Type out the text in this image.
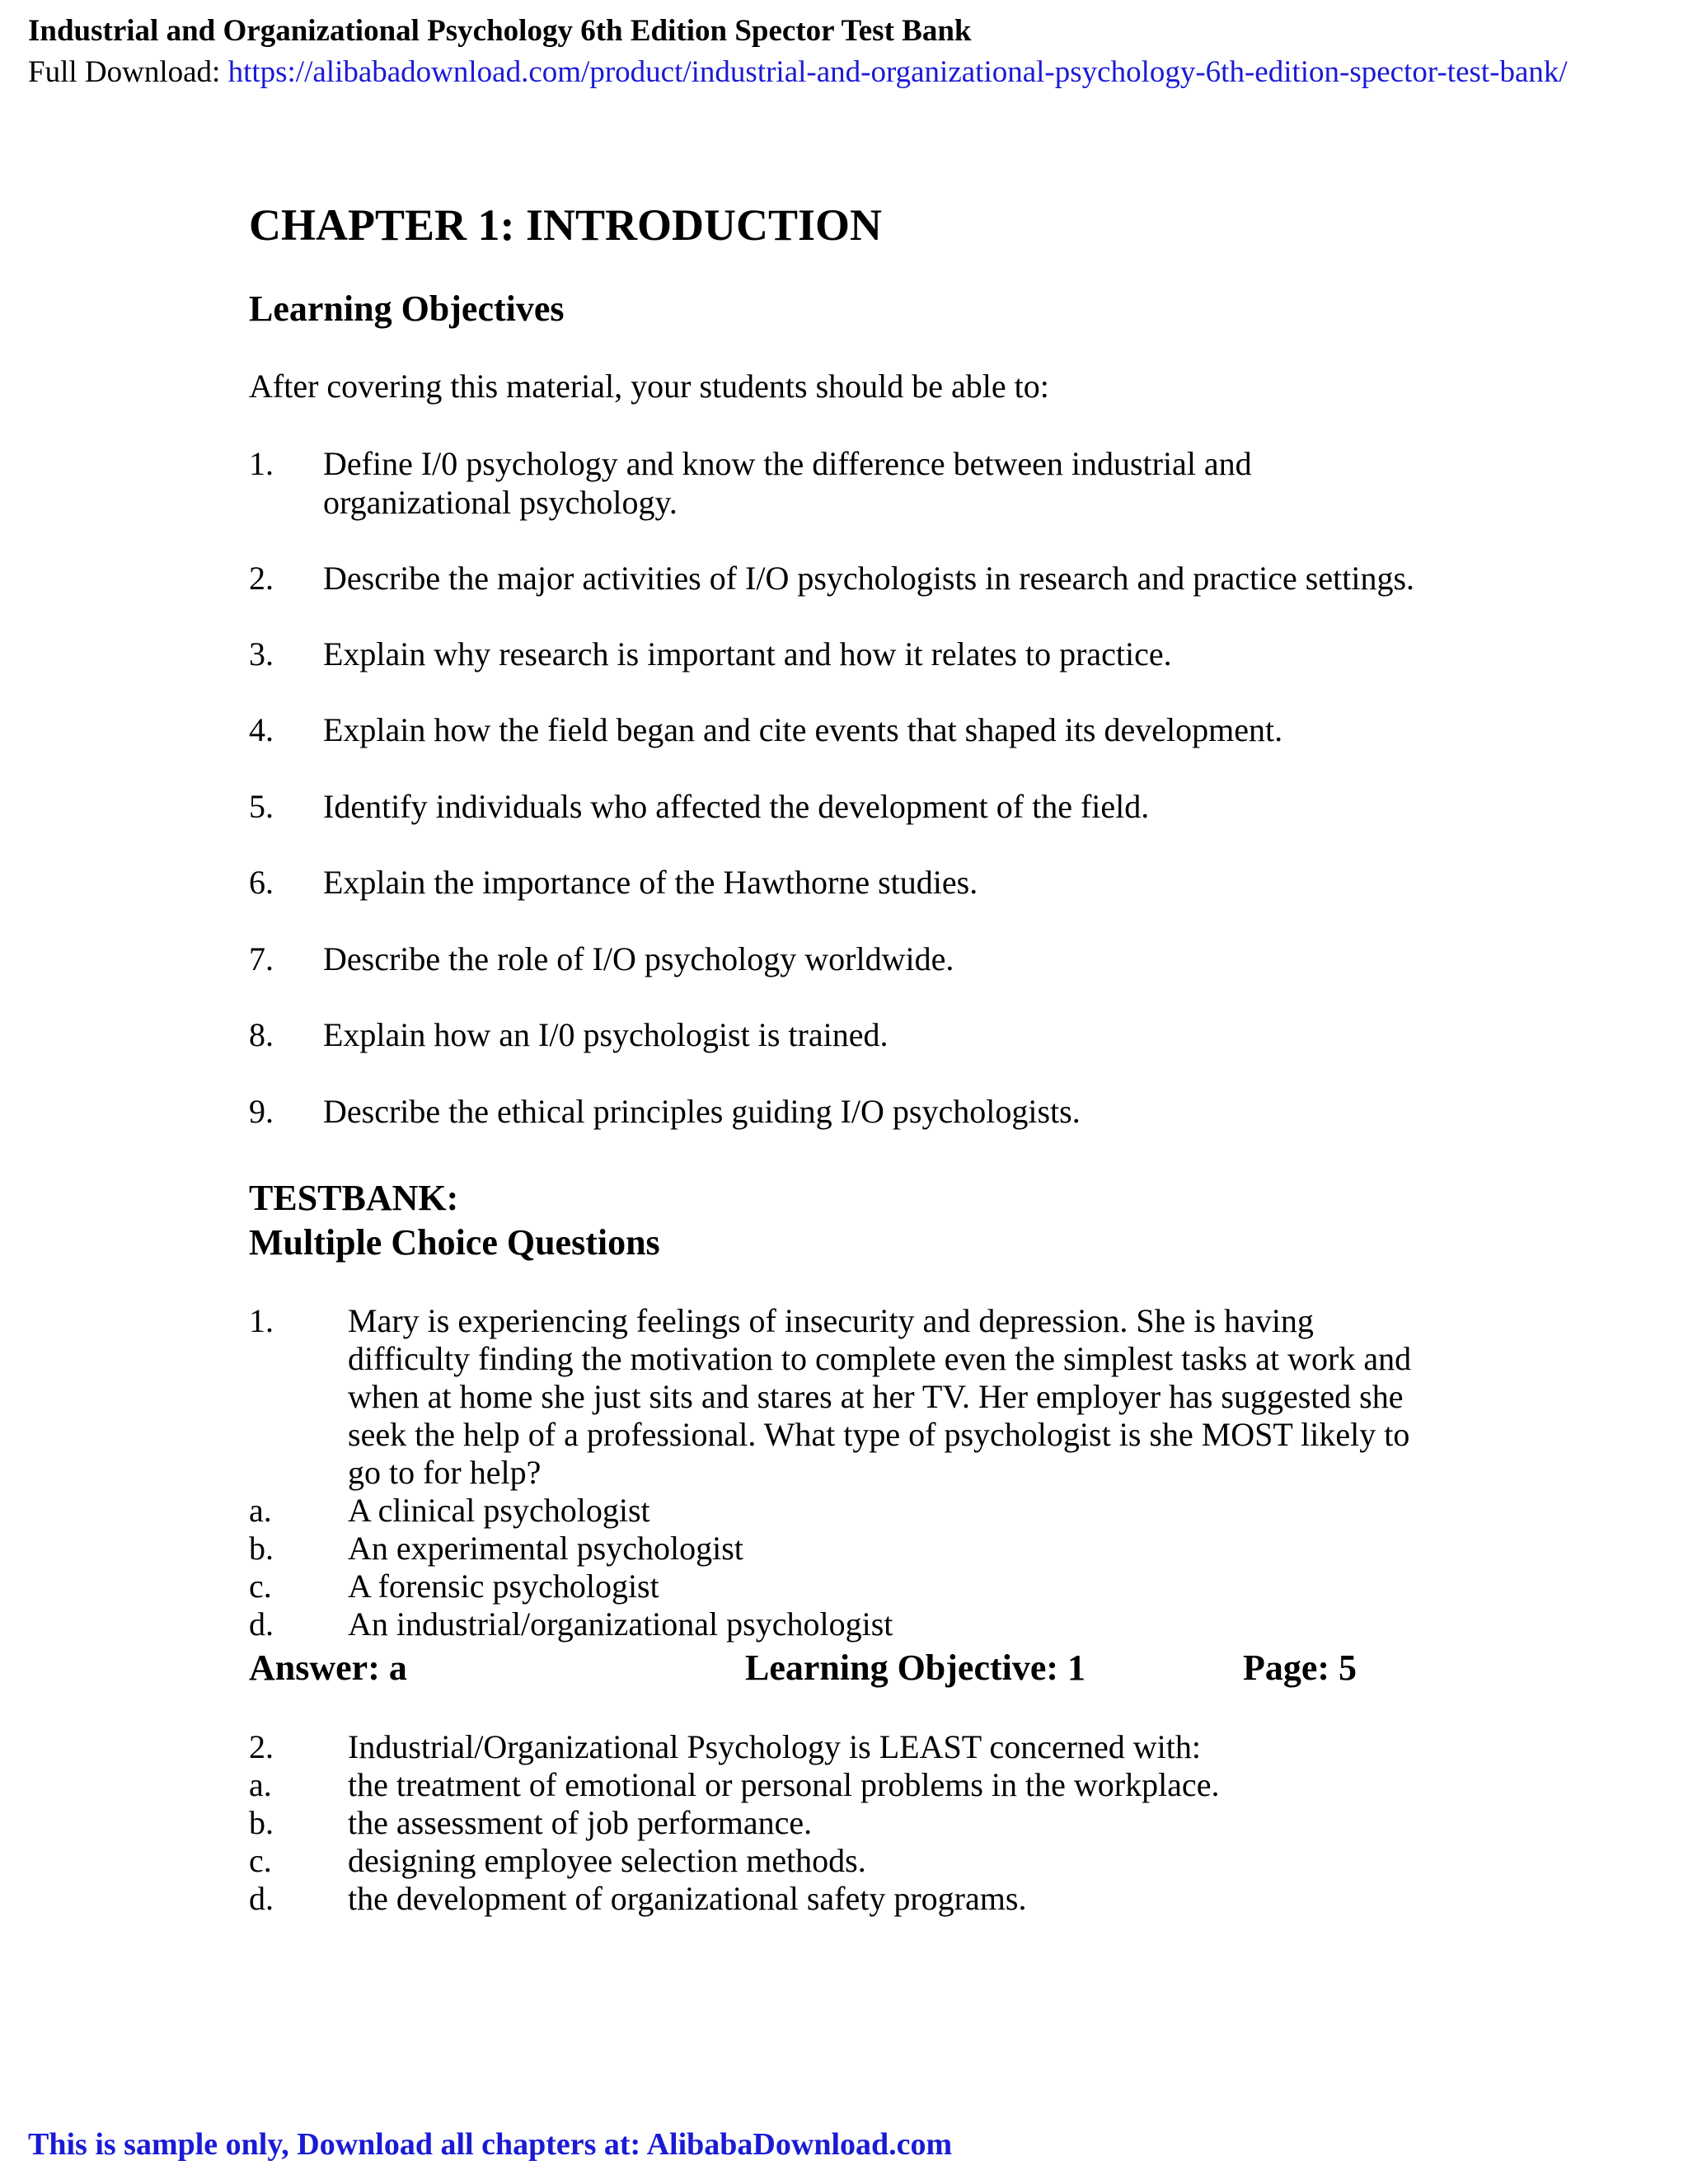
Industrial and Organizational Psychology 6th Edition Spector Test Bank
Full Download: https://alibabadownload.com/product/industrial-and-organizational-psychology-6th-edition-spector-test-bank/
CHAPTER 1: INTRODUCTION
Learning Objectives
After covering this material, your students should be able to:
1. Define I/0 psychology and know the difference between industrial and
organizational psychology.
2. Describe the major activities of I/O psychologists in research and practice settings.
3. Explain why research is important and how it relates to practice.
4. Explain how the field began and cite events that shaped its development.
5. Identify individuals who affected the development of the field.
6. Explain the importance of the Hawthorne studies.
7. Describe the role of I/O psychology worldwide.
8. Explain how an I/0 psychologist is trained.
9. Describe the ethical principles guiding I/O psychologists.
TESTBANK:
Multiple Choice Questions
1. Mary is experiencing feelings of insecurity and depression. She is having
difficulty finding the motivation to complete even the simplest tasks at work and
when at home she just sits and stares at her TV. Her employer has suggested she
seek the help of a professional. What type of psychologist is she MOST likely to
go to for help?
a. A clinical psychologist
b. An experimental psychologist
c. A forensic psychologist
d. An industrial/organizational psychologist
Answer: a	Learning Objective: 1	Page: 5
2. Industrial/Organizational Psychology is LEAST concerned with:
a. the treatment of emotional or personal problems in the workplace.
b. the assessment of job performance.
c. designing employee selection methods.
d. the development of organizational safety programs.
This is sample only, Download all chapters at: AlibabaDownload.com
